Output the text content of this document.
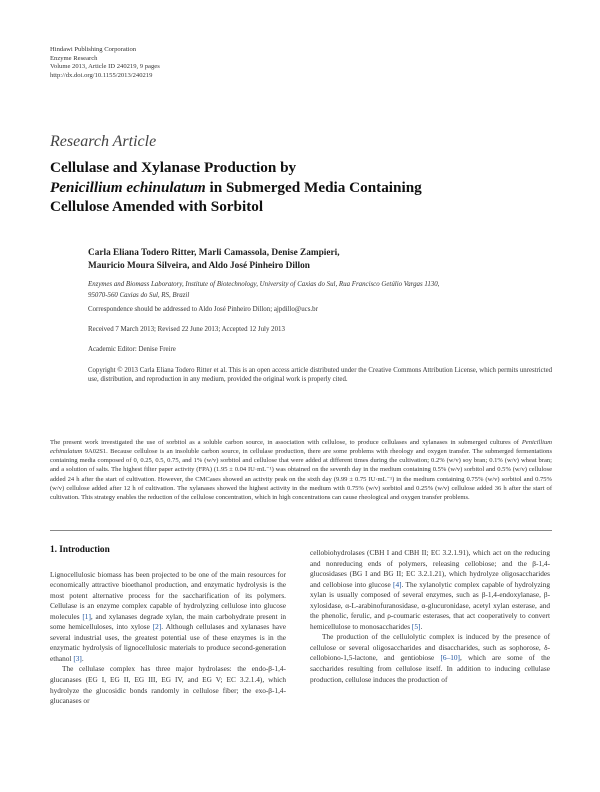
Hindawi Publishing Corporation
Enzyme Research
Volume 2013, Article ID 240219, 9 pages
http://dx.doi.org/10.1155/2013/240219
Research Article
Cellulase and Xylanase Production by
Penicillium echinulatum in Submerged Media Containing
Cellulose Amended with Sorbitol
Carla Eliana Todero Ritter, Marli Camassola, Denise Zampieri,
Mauricio Moura Silveira, and Aldo José Pinheiro Dillon
Enzymes and Biomass Laboratory, Institute of Biotechnology, University of Caxias do Sul, Rua Francisco Getúlio Vargas 1130,
95070-560 Caxias do Sul, RS, Brazil
Correspondence should be addressed to Aldo José Pinheiro Dillon; ajpdillo@ucs.br
Received 7 March 2013; Revised 22 June 2013; Accepted 12 July 2013
Academic Editor: Denise Freire
Copyright © 2013 Carla Eliana Todero Ritter et al. This is an open access article distributed under the Creative Commons Attribution License, which permits unrestricted use, distribution, and reproduction in any medium, provided the original work is properly cited.
The present work investigated the use of sorbitol as a soluble carbon source, in association with cellulose, to produce cellulases and xylanases in submerged cultures of Penicillium echinulatum 9A02S1. Because cellulose is an insoluble carbon source, in cellulase production, there are some problems with rheology and oxygen transfer. The submerged fermentations containing media composed of 0, 0.25, 0.5, 0.75, and 1% (w/v) sorbitol and cellulose that were added at different times during the cultivation; 0.2% (w/v) soy bran; 0.1% (w/v) wheat bran; and a solution of salts. The highest filter paper activity (FPA) (1.95 ± 0.04 IU·mL⁻¹) was obtained on the seventh day in the medium containing 0.5% (w/v) sorbitol and 0.5% (w/v) cellulose added 24 h after the start of cultivation. However, the CMCases showed an activity peak on the sixth day (9.99 ± 0.75 IU·mL⁻¹) in the medium containing 0.75% (w/v) sorbitol and 0.75% (w/v) cellulose added after 12 h of cultivation. The xylanases showed the highest activity in the medium with 0.75% (w/v) sorbitol and 0.25% (w/v) cellulose added 36 h after the start of cultivation. This strategy enables the reduction of the cellulose concentration, which in high concentrations can cause rheological and oxygen transfer problems.
1. Introduction

Lignocellulosic biomass has been projected to be one of the main resources for economically attractive bioethanol production, and enzymatic hydrolysis is the most potent alternative process for the saccharification of its polymers. Cellulase is an enzyme complex capable of hydrolyzing cellulose into glucose molecules [1], and xylanases degrade xylan, the main carbohydrate present in some hemicelluloses, into xylose [2]. Although cellulases and xylanases have several industrial uses, the greatest potential use of these enzymes is in the enzymatic hydrolysis of lignocellulosic materials to produce second-generation ethanol [3].

The cellulase complex has three major hydrolases: the endo-β-1,4-glucanases (EG I, EG II, EG III, EG IV, and EG V; EC 3.2.1.4), which hydrolyze the glucosidic bonds randomly in cellulose fiber; the exo-β-1,4-glucanases or

cellobiohydrolases (CBH I and CBH II; EC 3.2.1.91), which act on the reducing and nonreducing ends of polymers, releasing cellobiose; and the β-1,4-glucosidases (BG I and BG II; EC 3.2.1.21), which hydrolyze oligosaccharides and cellobiose into glucose [4]. The xylanolytic complex capable of hydrolyzing xylan is usually composed of several enzymes, such as β-1,4-endoxylanase, β-xylosidase, α-L-arabinofuranosidase, α-glucuronidase, acetyl xylan esterase, and the phenolic, ferulic, and ρ-coumaric esterases, that act cooperatively to convert hemicellulose to monosaccharides [5].

The production of the cellulolytic complex is induced by the presence of cellulose or several oligosaccharides and disaccharides, such as sophorose, δ-cellobiono-1,5-lactone, and gentiobiose [6–10], which are some of the saccharides resulting from cellulose itself. In addition to inducing cellulase production, cellulose induces the production of
